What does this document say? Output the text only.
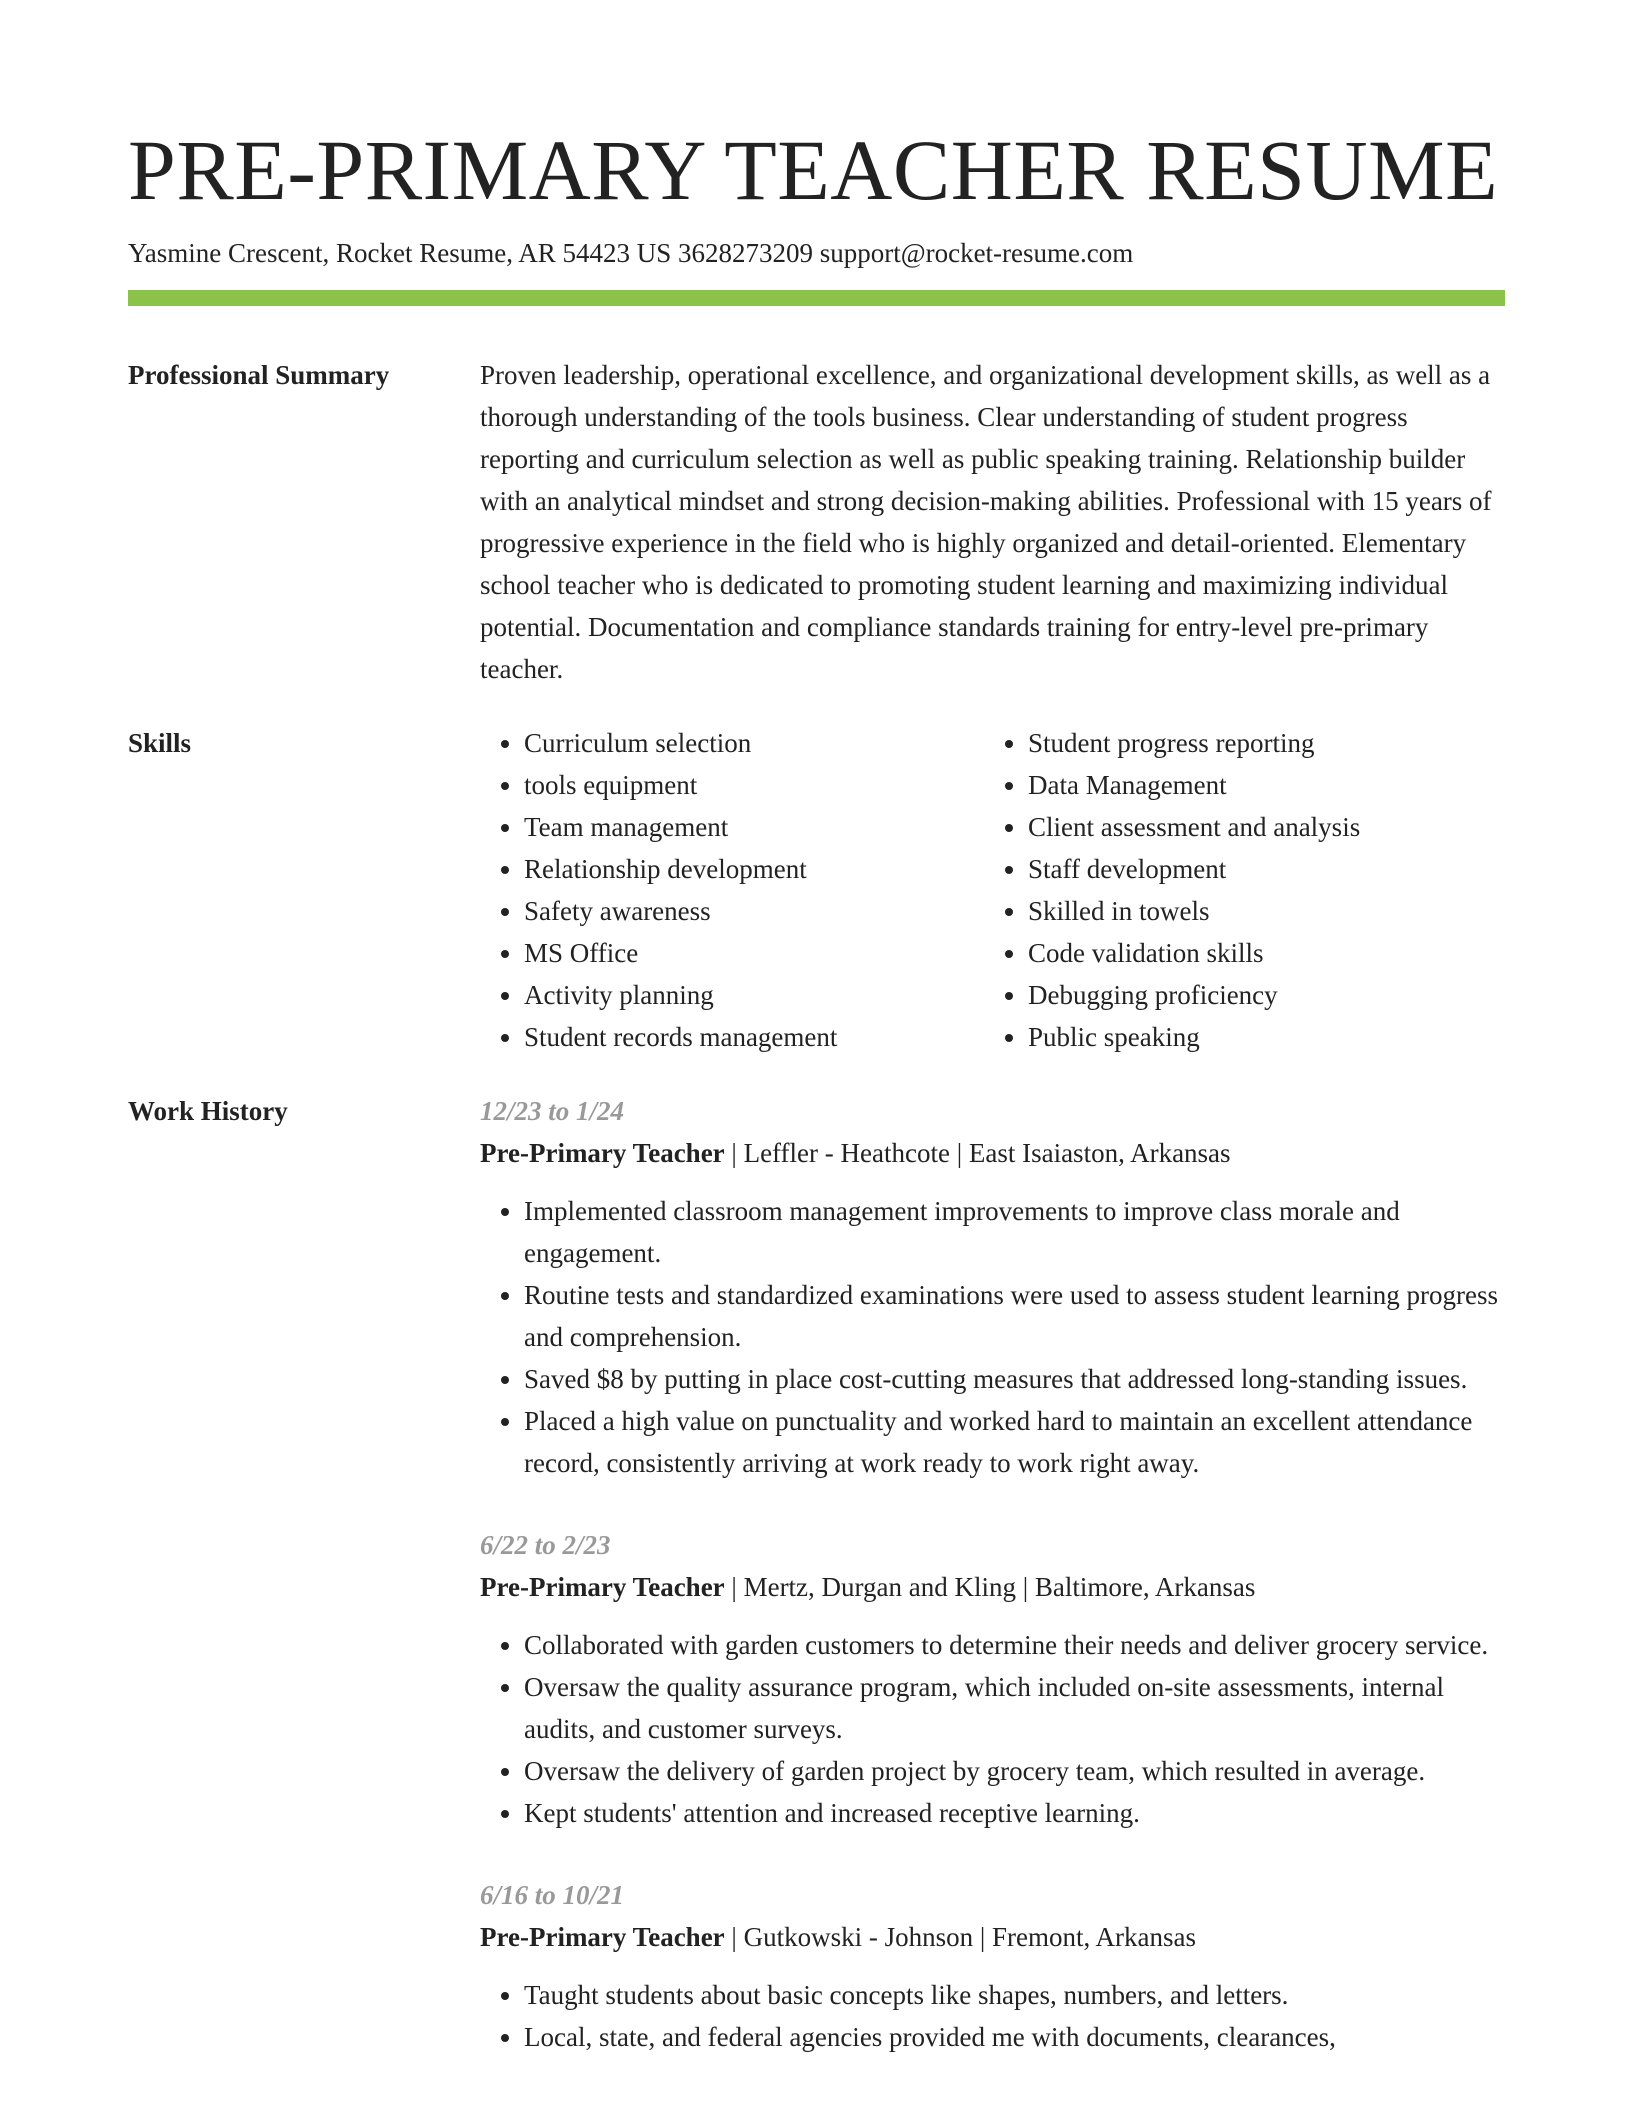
PRE-PRIMARY TEACHER RESUME
Yasmine Crescent, Rocket Resume, AR 54423 US 3628273209 support@rocket-resume.com
Professional Summary	Proven leadership, operational excellence, and organizational development skills, as well as a thorough understanding of the tools business. Clear understanding of student progress reporting and curriculum selection as well as public speaking training. Relationship builder with an analytical mindset and strong decision-making abilities. Professional with 15 years of progressive experience in the field who is highly organized and detail-oriented. Elementary school teacher who is dedicated to promoting student learning and maximizing individual potential. Documentation and compliance standards training for entry-level pre-primary teacher.

Skills
•	Curriculum selection
• tools equipment
• Team management
• Relationship development
• Safety awareness
• MS Office
• Activity planning
• Student records management
• Student progress reporting
• Data Management
• Client assessment and analysis
• Staff development
• Skilled in towels
• Code validation skills
• Debugging proficiency
• Public speaking
Work History	12/23 to 1/24
Pre-Primary Teacher | Leffler - Heathcote | East Isaiaston, Arkansas
• Implemented classroom management improvements to improve class morale and engagement.
• Routine tests and standardized examinations were used to assess student learning progress and comprehension.
• Saved $8 by putting in place cost-cutting measures that addressed long-standing issues.
• Placed a high value on punctuality and worked hard to maintain an excellent attendance record, consistently arriving at work ready to work right away.
6/22 to 2/23
Pre-Primary Teacher | Mertz, Durgan and Kling | Baltimore, Arkansas
• Collaborated with garden customers to determine their needs and deliver grocery service.
• Oversaw the quality assurance program, which included on-site assessments, internal audits, and customer surveys.
• Oversaw the delivery of garden project by grocery team, which resulted in average.
• Kept students' attention and increased receptive learning.
6/16 to 10/21
Pre-Primary Teacher | Gutkowski - Johnson | Fremont, Arkansas
• Taught students about basic concepts like shapes, numbers, and letters.
• Local, state, and federal agencies provided me with documents, clearances,
